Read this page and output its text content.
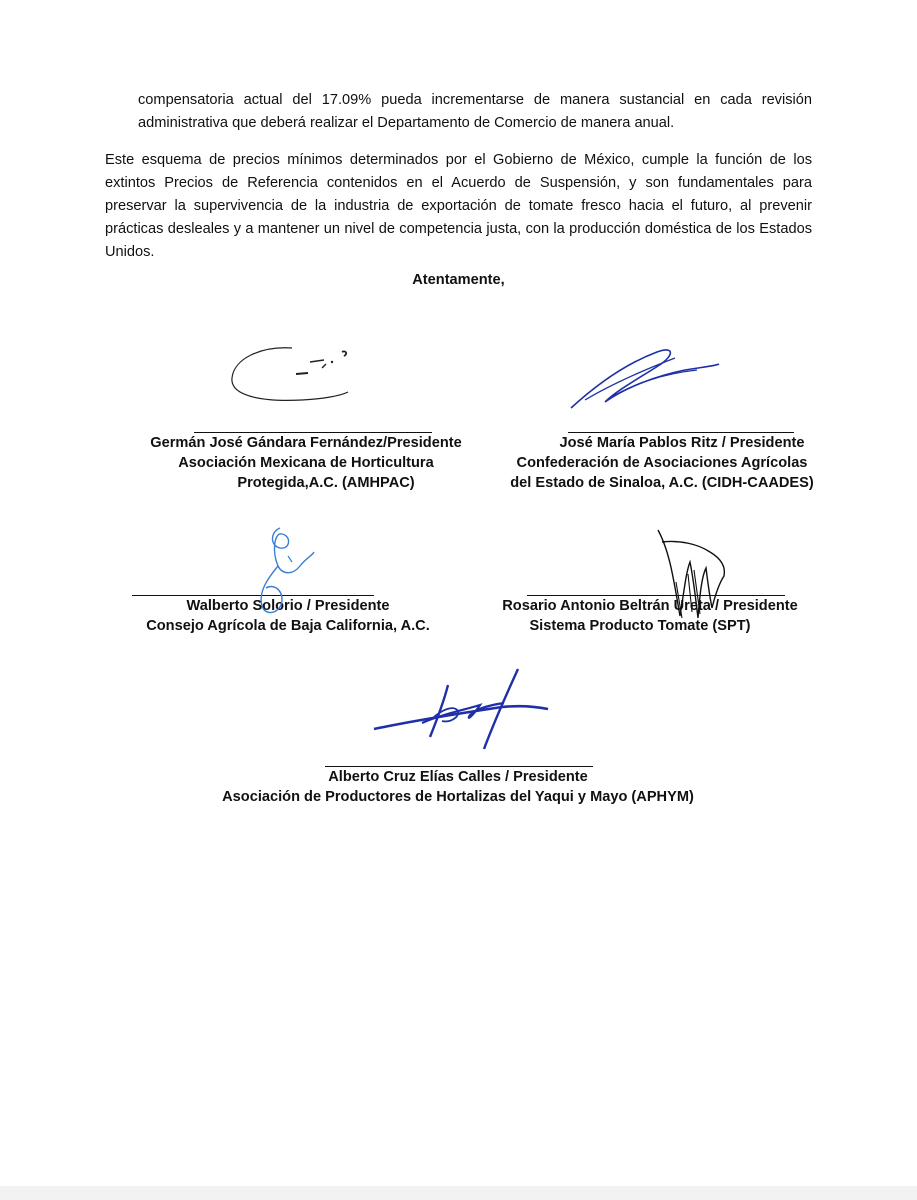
compensatoria actual del 17.09% pueda incrementarse de manera sustancial en cada revisión administrativa que deberá realizar el Departamento de Comercio de manera anual.

Este esquema de precios mínimos determinados por el Gobierno de México, cumple la función de los extintos Precios de Referencia contenidos en el Acuerdo de Suspensión, y son fundamentales para preservar la supervivencia de la industria de exportación de tomate fresco hacia el futuro, al prevenir prácticas desleales y a mantener un nivel de competencia justa, con la producción doméstica de los Estados Unidos.

Atentamente,
Germán José Gándara Fernández/Presidente
Asociación Mexicana de Horticultura
Protegida,A.C. (AMHPAC)
José María Pablos Ritz / Presidente
Confederación de Asociaciones Agrícolas
del Estado de Sinaloa, A.C. (CIDH-CAADES)
Walberto Solorio / Presidente
Consejo Agrícola de Baja California, A.C.
Rosario Antonio Beltrán Ureta / Presidente
Sistema Producto Tomate (SPT)
Alberto Cruz Elías Calles / Presidente
Asociación de Productores de Hortalizas del Yaqui y Mayo (APHYM)
